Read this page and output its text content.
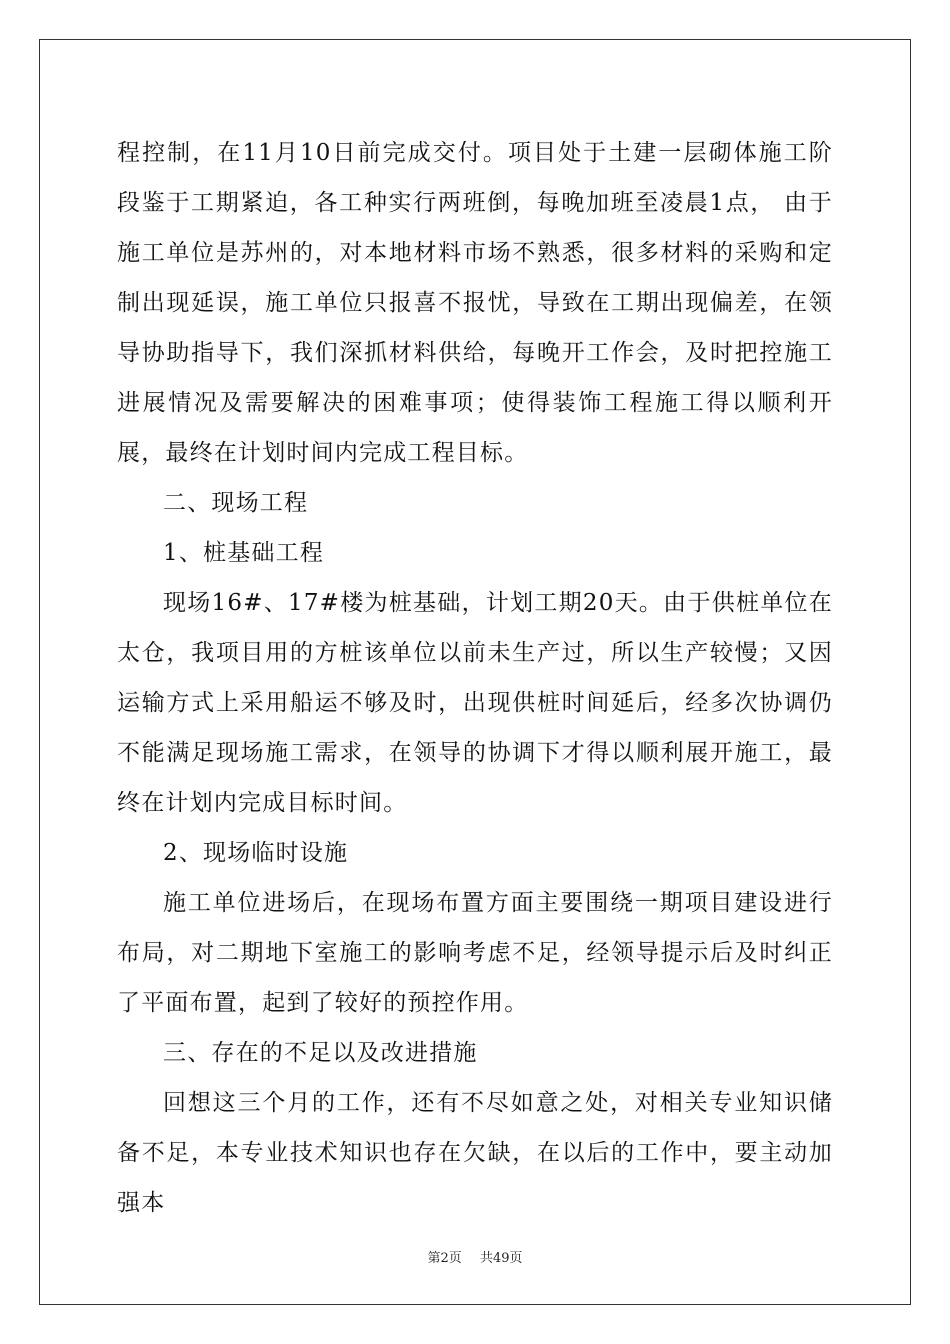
程控制，在11月10日前完成交付。项目处于土建一层砌体施工阶段鉴于工期紧迫，各工种实行两班倒，每晚加班至凌晨1点， 由于施工单位是苏州的，对本地材料市场不熟悉，很多材料的采购和定制出现延误，施工单位只报喜不报忧，导致在工期出现偏差，在领导协助指导下，我们深抓材料供给，每晚开工作会，及时把控施工进展情况及需要解决的困难事项；使得装饰工程施工得以顺利开展，最终在计划时间内完成工程目标。

二、现场工程

1、桩基础工程

现场16#、17#楼为桩基础，计划工期20天。由于供桩单位在太仓，我项目用的方桩该单位以前未生产过，所以生产较慢；又因运输方式上采用船运不够及时，出现供桩时间延后，经多次协调仍不能满足现场施工需求，在领导的协调下才得以顺利展开施工，最终在计划内完成目标时间。

2、现场临时设施

施工单位进场后，在现场布置方面主要围绕一期项目建设进行布局，对二期地下室施工的影响考虑不足，经领导提示后及时纠正了平面布置，起到了较好的预控作用。

三、存在的不足以及改进措施

回想这三个月的工作，还有不尽如意之处，对相关专业知识储备不足，本专业技术知识也存在欠缺，在以后的工作中，要主动加强本

第2页 共49页
